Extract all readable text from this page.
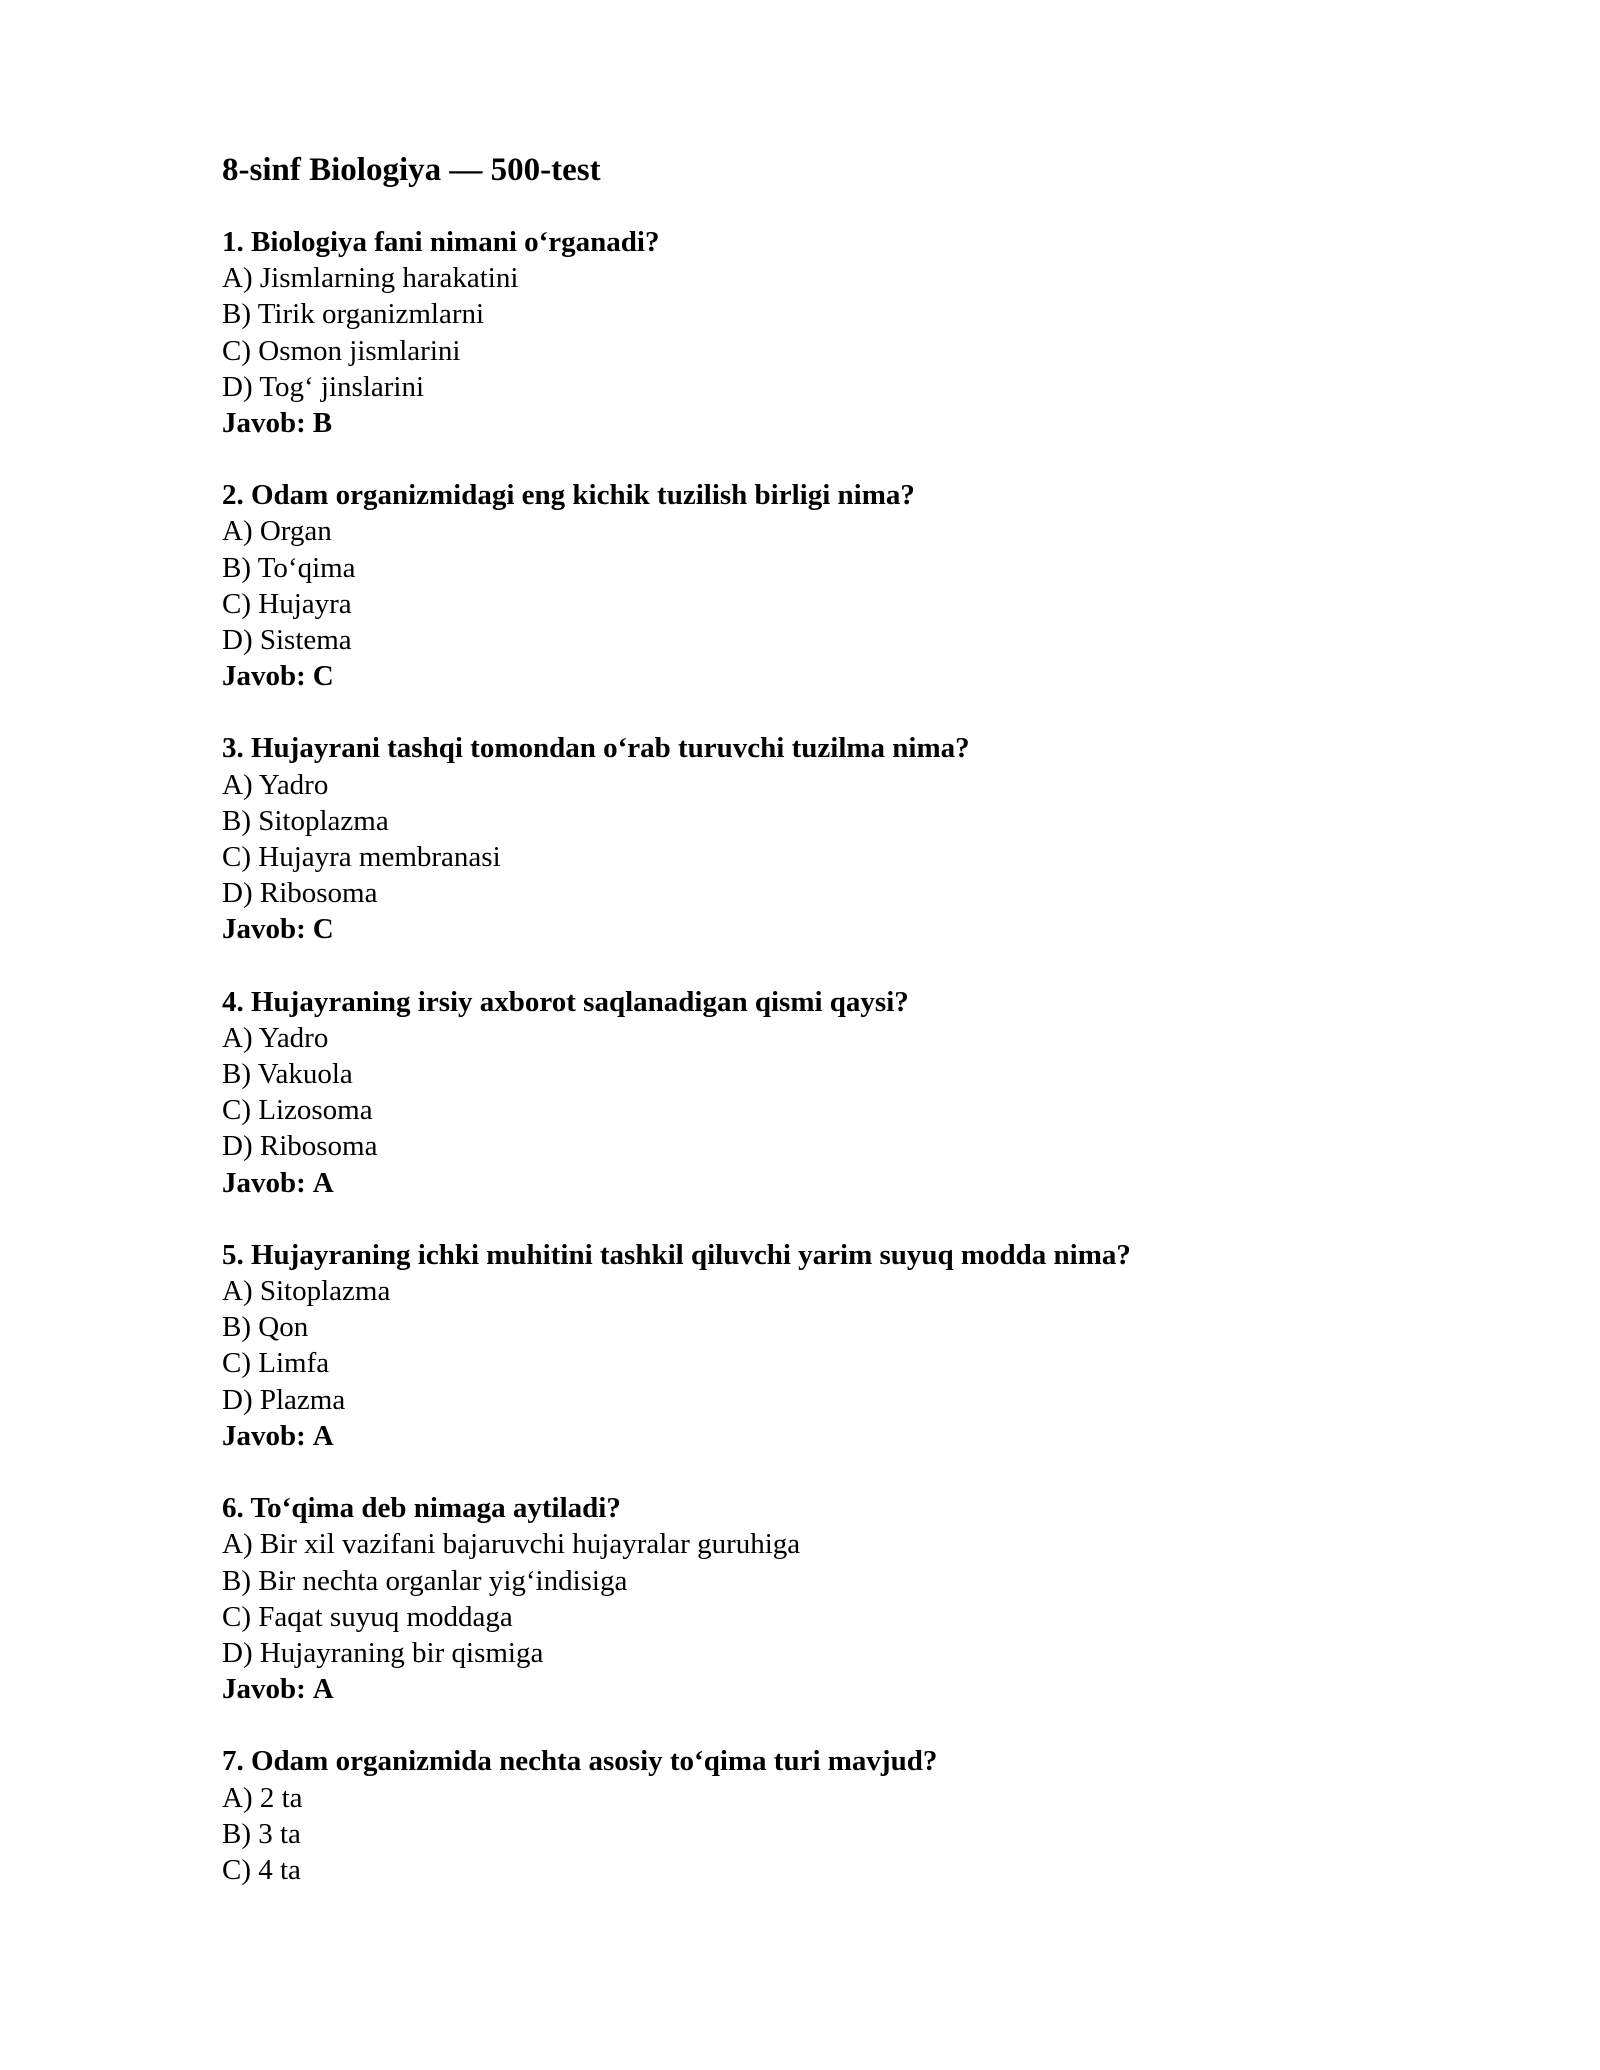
8-sinf Biologiya — 500-test
1. Biologiya fani nimani o‘rganadi?
A) Jismlarning harakatini
B) Tirik organizmlarni
C) Osmon jismlarini
D) Tog‘ jinslarini
Javob: B
2. Odam organizmidagi eng kichik tuzilish birligi nima?
A) Organ
B) To‘qima
C) Hujayra
D) Sistema
Javob: C
3. Hujayrani tashqi tomondan o‘rab turuvchi tuzilma nima?
A) Yadro
B) Sitoplazma
C) Hujayra membranasi
D) Ribosoma
Javob: C
4. Hujayraning irsiy axborot saqlanadigan qismi qaysi?
A) Yadro
B) Vakuola
C) Lizosoma
D) Ribosoma
Javob: A
5. Hujayraning ichki muhitini tashkil qiluvchi yarim suyuq modda nima?
A) Sitoplazma
B) Qon
C) Limfa
D) Plazma
Javob: A
6. To‘qima deb nimaga aytiladi?
A) Bir xil vazifani bajaruvchi hujayralar guruhiga
B) Bir nechta organlar yig‘indisiga
C) Faqat suyuq moddaga
D) Hujayraning bir qismiga
Javob: A
7. Odam organizmida nechta asosiy to‘qima turi mavjud?
A) 2 ta
B) 3 ta
C) 4 ta
